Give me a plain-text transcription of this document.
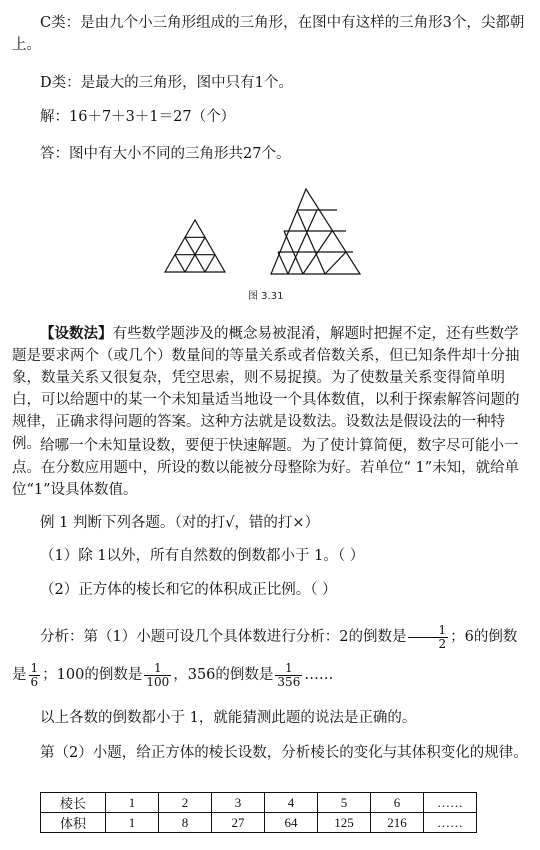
C类：是由九个小三角形组成的三角形，在图中有这样的三角形3个，尖都朝上。

D类：是最大的三角形，图中只有1个。

解：16＋7＋3＋1＝27（个）

答：图中有大小不同的三角形共27个。

图 3.31

【设数法】有些数学题涉及的概念易被混淆，解题时把握不定，还有些数学题是要求两个（或几个）数量间的等量关系或者倍数关系，但已知条件却十分抽象，数量关系又很复杂，凭空思索，则不易捉摸。为了使数量关系变得简单明白，可以给题中的某一个未知量适当地设一个具体数值，以利于探索解答问题的规律，正确求得问题的答案。这种方法就是设数法。设数法是假设法的一种特例。 给哪一个未知量设数，要便于快速解题。为了使计算简便，数字尽可能小一点。在分数应用题中，所设的数以能被分母整除为好。若单位“ 1”未知，就给单位“1”设具体数值。

例 1 判断下列各题。（对的打√，错的打×）

（1）除 1以外，所有自然数的倒数都小于 1。（ ）

（2）正方体的棱长和它的体积成正比例。（ ）

分析：第（1）小题可设几个具体数进行分析：2的倒数是 $\frac{1}{2}$ ；6的倒数

是 $\frac{1}{6}$ ；100的倒数是 $\frac{1}{100}$ ，356的倒数是 $\frac{1}{356}$ ……

以上各数的倒数都小于 1，就能猜测此题的说法是正确的。

第（2）小题，给正方体的棱长设数，分析棱长的变化与其体积变化的规律。

棱长	1	2	3	4	5	6	……
体积	1	8	27	64	125	216	……
